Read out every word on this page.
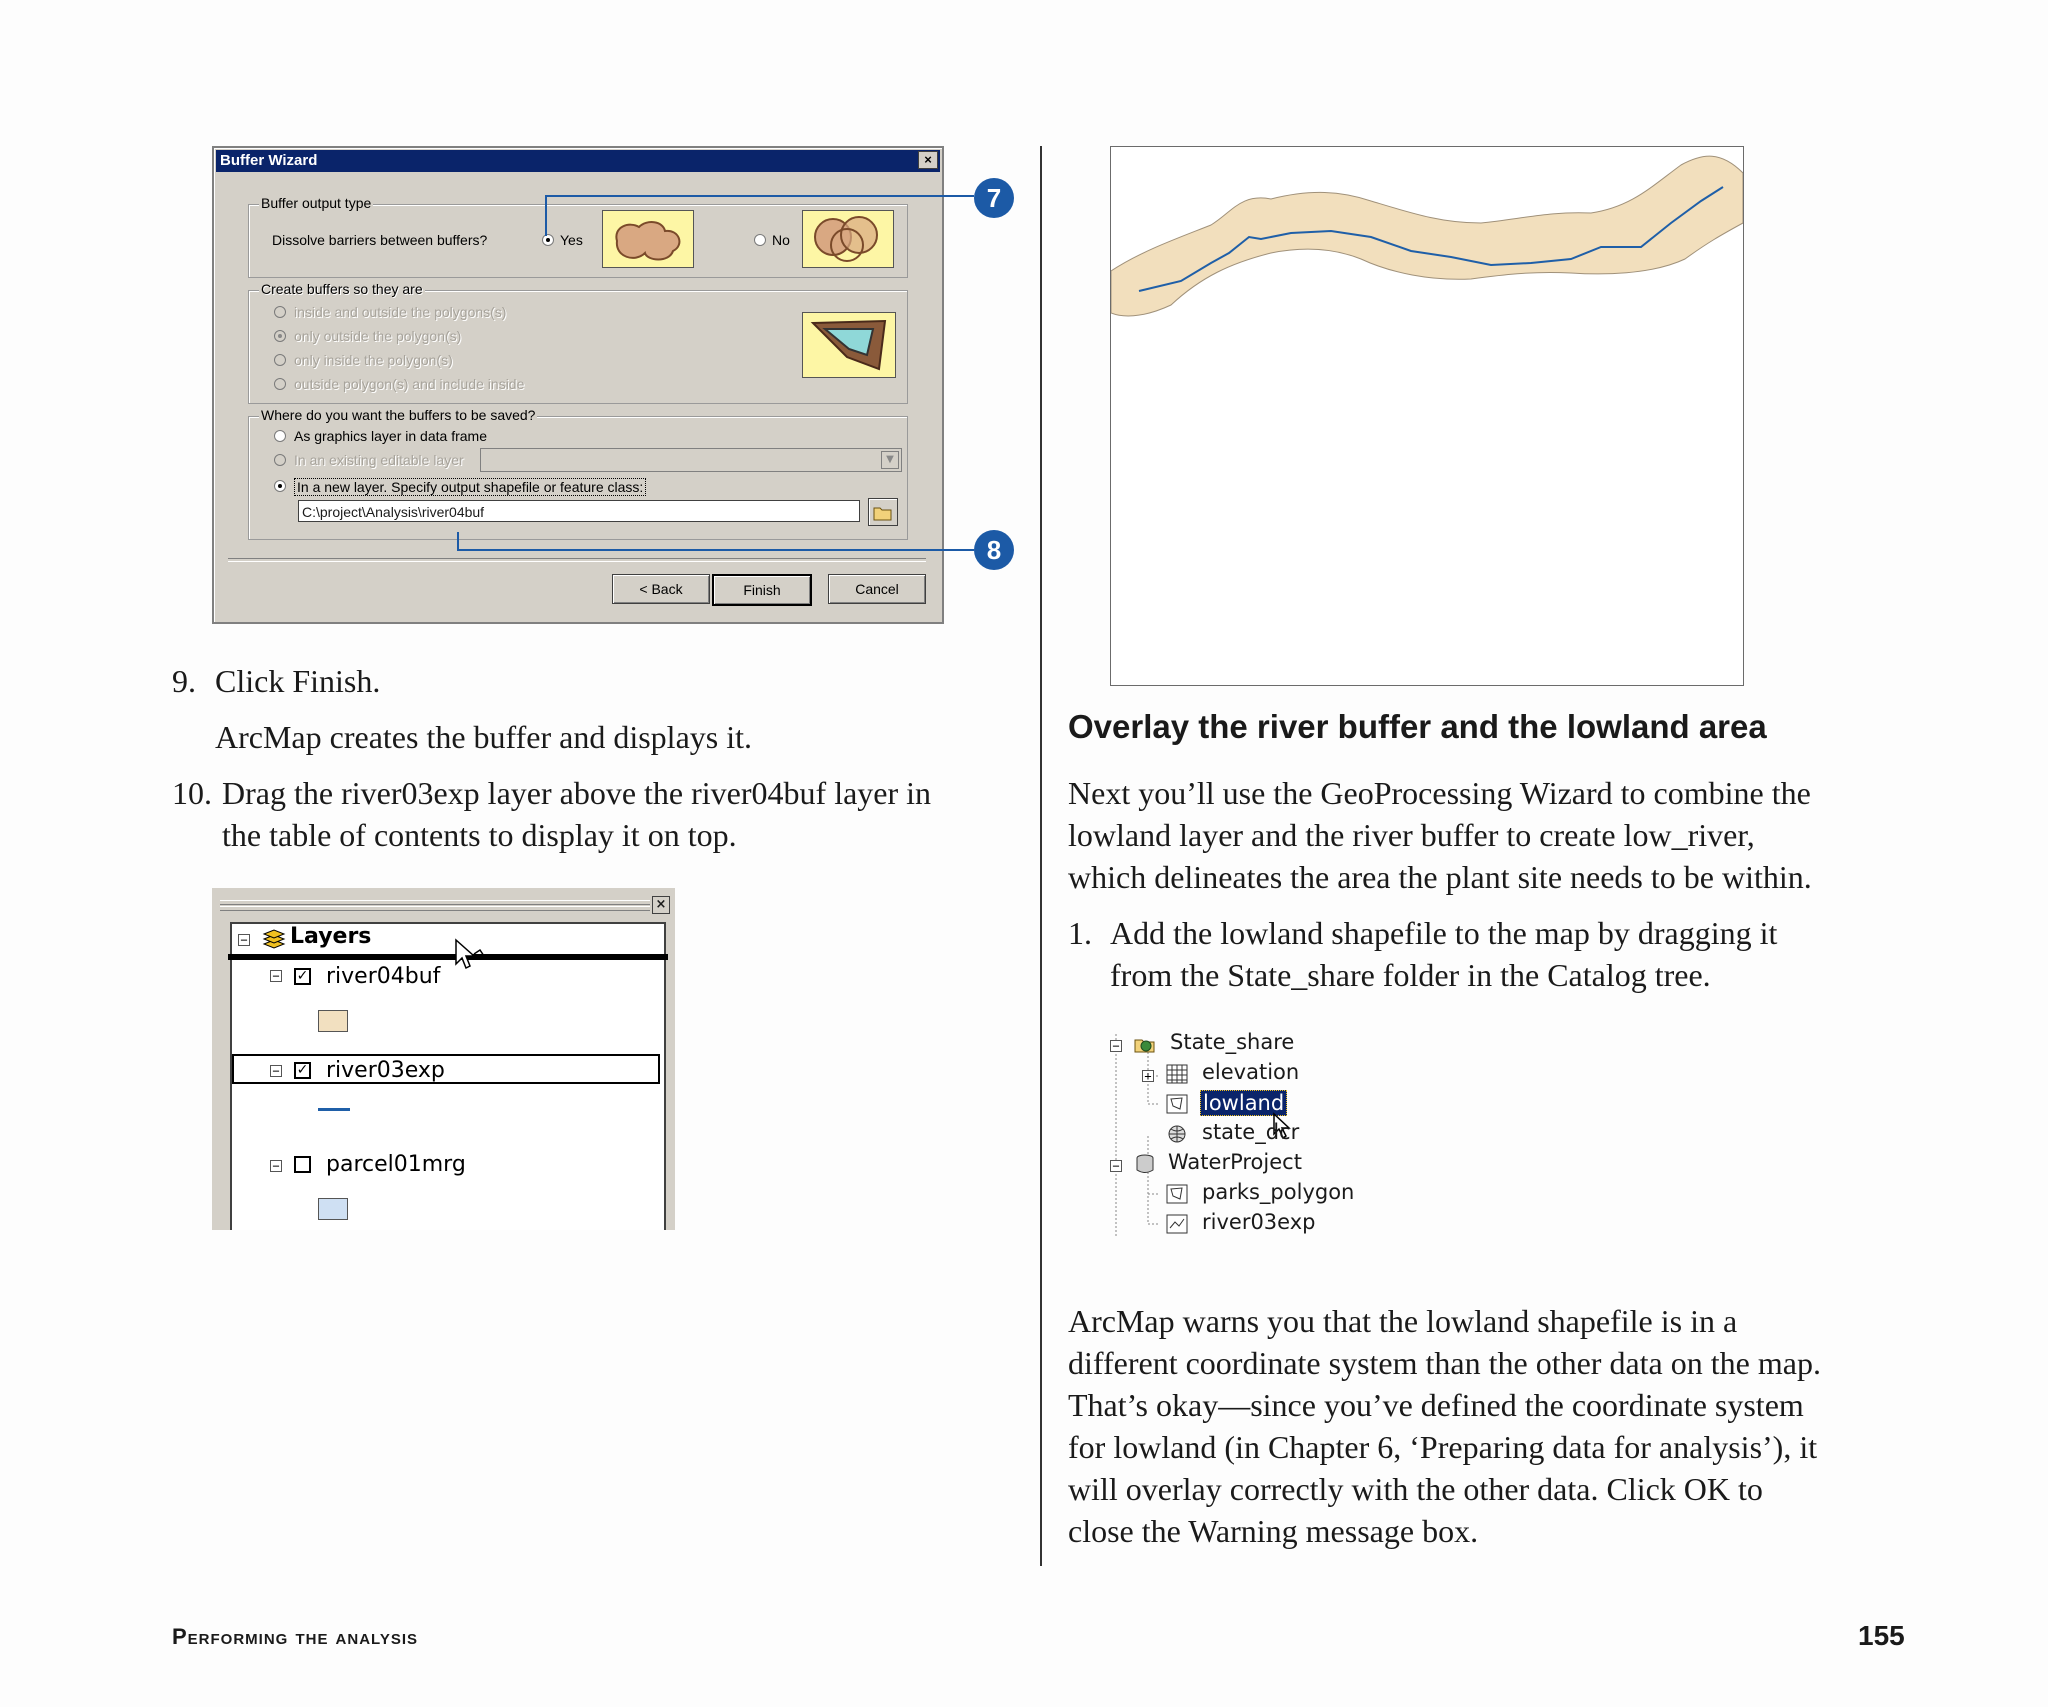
Buffer Wizard	×
Buffer output type
Dissolve barriers between buffers?	Yes	No
Create buffers so they are
inside and outside the polygons(s)
only outside the polygon(s)
only inside the polygon(s)
outside polygon(s) and include inside
Where do you want the buffers to be saved?
As graphics layer in data frame
In an existing editable layer	▼
In a new layer. Specify output shapefile or feature class:
C:\project\Analysis\river04buf
< Back	Finish	Cancel
7
8
9. Click Finish.
ArcMap creates the buffer and displays it.
10. Drag the river03exp layer above the river04buf layer in
the table of contents to display it on top.
×
− Layers
− ✓ river04buf
− ✓ river03exp
− parcel01mrg
Overlay the river buffer and the lowland area
Next you’ll use the GeoProcessing Wizard to combine the
lowland layer and the river buffer to create low_river,
which delineates the area the plant site needs to be within.
1. Add the lowland shapefile to the map by dragging it
from the State_share folder in the Catalog tree.
− State_share
+ elevation
lowland
state_dcr
− WaterProject
parks_polygon
river03exp
ArcMap warns you that the lowland shapefile is in a
different coordinate system than the other data on the map.
That’s okay—since you’ve defined the coordinate system
for lowland (in Chapter 6, ‘Preparing data for analysis’), it
will overlay correctly with the other data. Click OK to
close the Warning message box.
Performing the analysis	155
